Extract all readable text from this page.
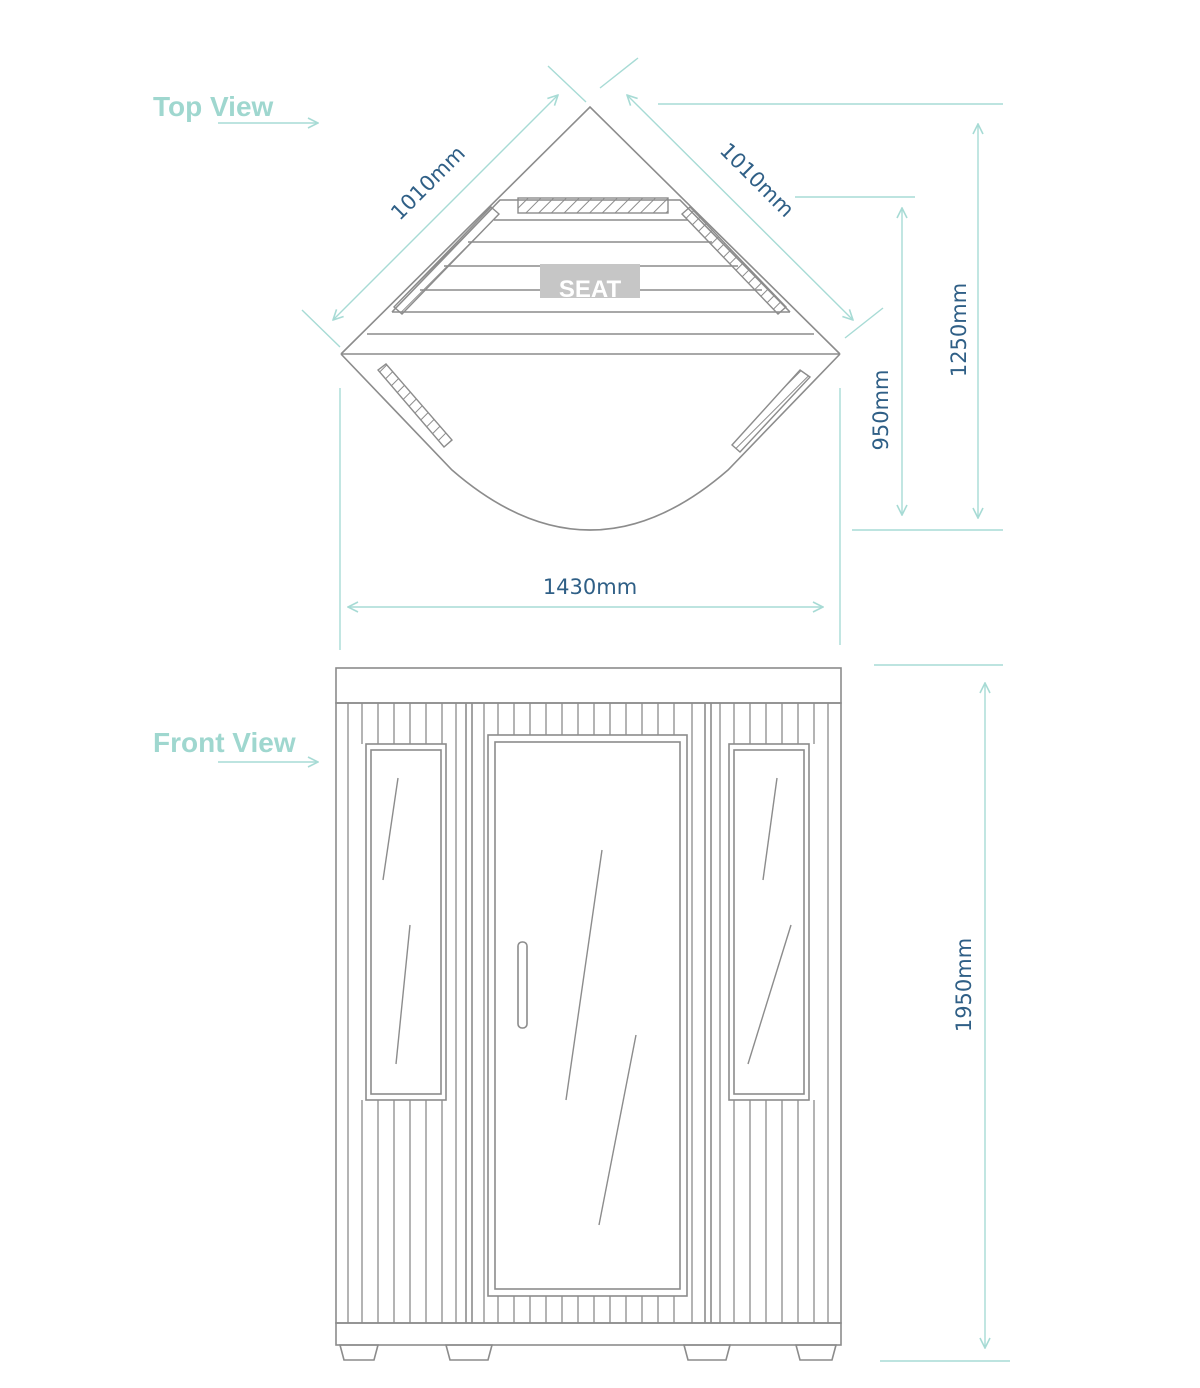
Top View
Front View
SEAT
1010mm	1010mm
1430mm
950mm
1250mm
1950mm
